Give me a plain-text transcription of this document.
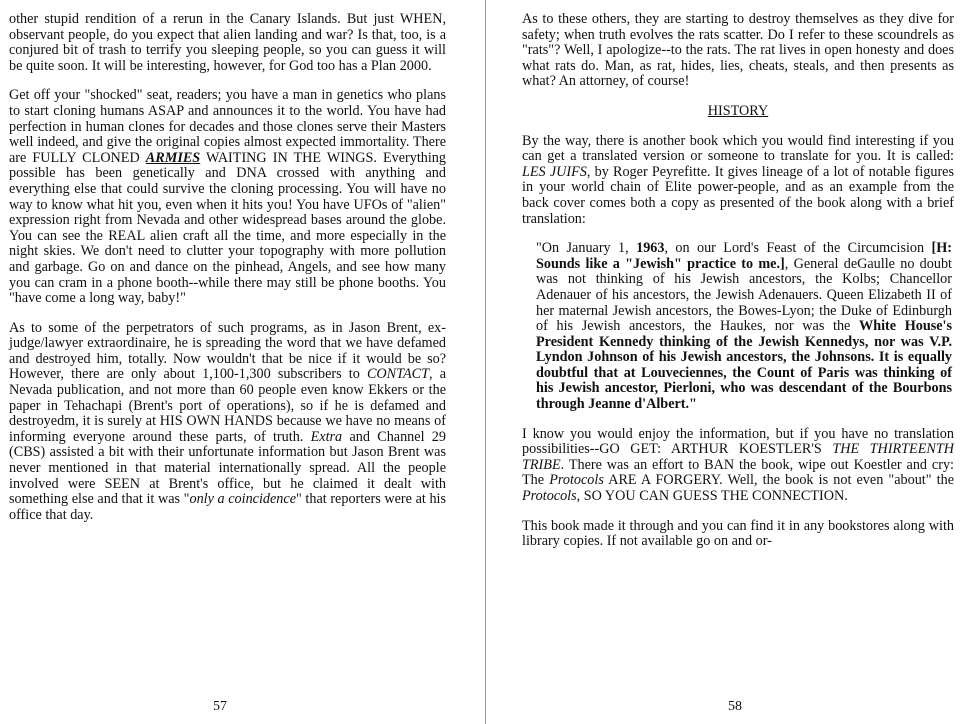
other stupid rendition of a rerun in the Canary Islands. But just WHEN, observant people, do you expect that alien landing and war? Is that, too, is a conjured bit of trash to terrify you sleeping people, so you can guess it will be quite soon. It will be interesting, however, for God too has a Plan 2000.

Get off your "shocked" seat, readers; you have a man in genetics who plans to start cloning humans ASAP and announces it to the world. You have had perfection in human clones for decades and those clones serve their Masters well indeed, and give the original copies almost expected immortality. There are FULLY CLONED ARMIES WAITING IN THE WINGS. Everything possible has been genetically and DNA crossed with anything and everything else that could survive the cloning processing. You will have no way to know what hit you, even when it hits you! You have UFOs of "alien" expression right from Nevada and other widespread bases around the globe. You can see the REAL alien craft all the time, and more especially in the night skies. We don't need to clutter your topography with more pollution and garbage. Go on and dance on the pinhead, Angels, and see how many you can cram in a phone booth--while there may still be phone booths. You "have come a long way, baby!"

As to some of the perpetrators of such programs, as in Jason Brent, ex-judge/lawyer extraordinaire, he is spreading the word that we have defamed and destroyed him, totally. Now wouldn't that be nice if it would be so? However, there are only about 1,100-1,300 subscribers to CONTACT, a Nevada publication, and not more than 60 people even know Ekkers or the paper in Tehachapi (Brent's port of operations), so if he is defamed and destroyedm, it is surely at HIS OWN HANDS because we have no means of informing everyone around these parts, of truth. Extra and Channel 29 (CBS) assisted a bit with their unfortunate information but Jason Brent was never mentioned in that material internationally spread. All the people involved were SEEN at Brent's office, but he claimed it dealt with something else and that it was "only a coincidence" that reporters were at his office that day.

57

As to these others, they are starting to destroy themselves as they dive for safety; when truth evolves the rats scatter. Do I refer to these scoundrels as "rats"? Well, I apologize--to the rats. The rat lives in open honesty and does what rats do. Man, as rat, hides, lies, cheats, steals, and then presents as what? An attorney, of course!

HISTORY

By the way, there is another book which you would find interesting if you can get a translated version or someone to translate for you. It is called: LES JUIFS, by Roger Peyrefitte. It gives lineage of a lot of notable figures in your world chain of Elite power-people, and as an example from the back cover comes both a copy as presented of the book along with a brief translation:

"On January 1, 1963, on our Lord's Feast of the Circumcision [H: Sounds like a "Jewish" practice to me.], General deGaulle no doubt was not thinking of his Jewish ancestors, the Kolbs; Chancellor Adenauer of his ancestors, the Jewish Adenauers. Queen Elizabeth II of her maternal Jewish ancestors, the Bowes-Lyon; the Duke of Edinburgh of his Jewish ancestors, the Haukes, nor was the White House's President Kennedy thinking of the Jewish Kennedys, nor was V.P. Lyndon Johnson of his Jewish ancestors, the Johnsons. It is equally doubtful that at Louveciennes, the Count of Paris was thinking of his Jewish ancestor, Pierloni, who was descendant of the Bourbons through Jeanne d'Albert."

I know you would enjoy the information, but if you have no translation possibilities--GO GET: ARTHUR KOESTLER'S THE THIRTEENTH TRIBE. There was an effort to BAN the book, wipe out Koestler and cry: The Protocols ARE A FORGERY. Well, the book is not even "about" the Protocols, SO YOU CAN GUESS THE CONNECTION.

This book made it through and you can find it in any bookstores along with library copies. If not available go on and or-

58
